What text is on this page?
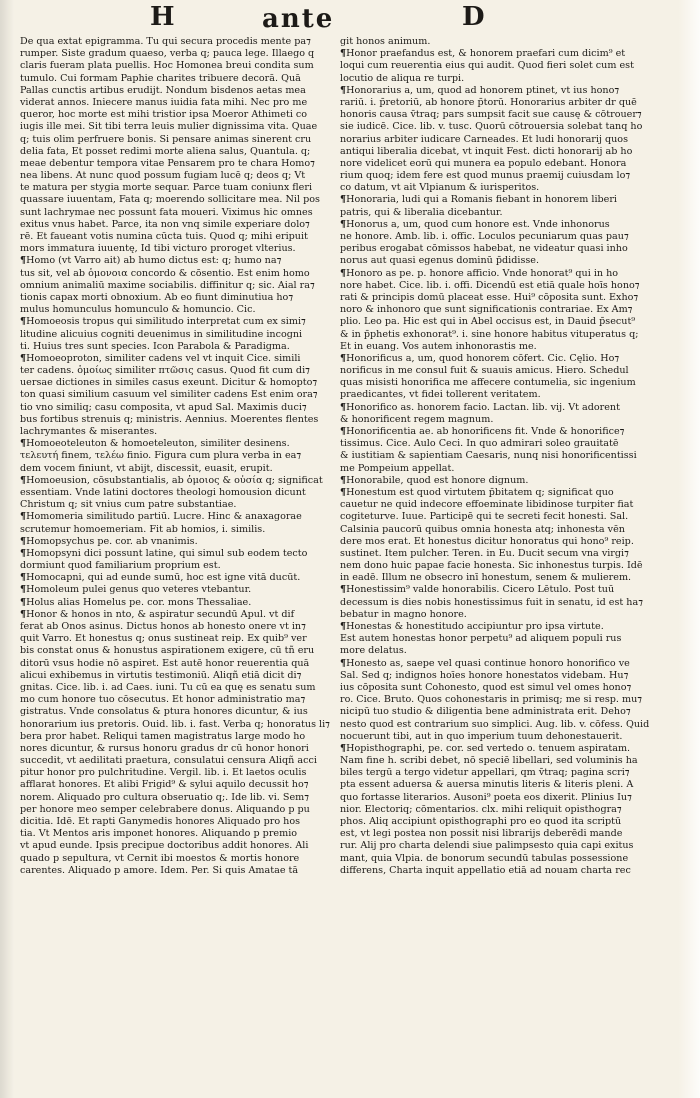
H	ante	D

De qua extat epigramma. Tu qui secura procedis mente pa⁊

rumper. Siste gradum quaeso, verba q; pauca lege. Illaego q

claris fueram plata puellis. Hoc Homonea breui condita sum

tumulo. Cui formam Paphie charites tribuere decorā. Quā

Pallas cunctis artibus erudijt. Nondum bisdenos aetas mea

viderat annos. Iniecere manus iuidia fata mihi. Nec pro me

queror, hoc morte est mihi tristior ipsa Moeror Athimeti co

iugis ille mei. Sit tibi terra leuis mulier dignissima vita. Quae

q; tuis olim perfruere bonis. Si pensare animas sinerent cru

delia fata, Et posset redimi morte aliena salus, Quantula. q;

meae debentur tempora vitae Pensarem pro te chara Homo⁊

nea libens. At nunc quod possum fugiam lucē q; deos q; Vt

te matura per stygia morte sequar. Parce tuam coniunx fleri

quassare iuuentam, Fata q; moerendo sollicitare mea. Nil pos

sunt lachrymae nec possunt fata moueri. Viximus hic omnes

exitus vnus habet. Parce, ita non vnq simile experiare dolo⁊

rē. Et faueant votis numina cūcta tuis. Quod q; mihi eripuit

mors immatura iuuentę, Id tibi victuro proroget vlterius.

¶Homo (vt Varro ait) ab humo dictus est: q; humo na⁊

tus sit, vel ab ὁμονοια concordo & cōsentio. Est enim homo

omnium animaliū maxime sociabilis. diffinitur q; sic. Aial ra⁊

tionis capax morti obnoxium. Ab eo fiunt diminutiua ho⁊

mulus homunculus homunculo & homuncio. Cic.

¶Homoeosis tropus qui similitudo interpretat cum ex simi⁊

litudine alicuius cogniti deuenimus in similitudine incogni

ti. Huius tres sunt species. Icon Parabola & Paradigma.

¶Homoeoproton, similiter cadens vel vt inquit Cice. simili

ter cadens. ὁμοίως similiter πτῶσις casus. Quod fit cum di⁊

uersae dictiones in similes casus exeunt. Dicitur & homopto⁊

ton quasi similium casuum vel similiter cadens Est enim ora⁊

tio vno similiq; casu composita, vt apud Sal. Maximis duci⁊

bus fortibus strenuis q; ministris. Aennius. Moerentes flentes

lachrymantes & miserantes.

¶Homoeoteleuton & homoeteleuton, similiter desinens.

τελευτή finem, τελέω finio. Figura cum plura verba in ea⁊

dem vocem finiunt, vt abijt, discessit, euasit, erupit.

¶Homoeusion, cōsubstantialis, ab ὁμοιος & οὐσία q; significat

essentiam. Vnde latini doctores theologi homousion dicunt

Christum q; sit vnius cum patre substantiae.

¶Homomeria similitudo partiū. Lucre. Hinc & anaxagorae

scrutemur homoemeriam. Fit ab homios, i. similis.

¶Homopsychus pe. cor. ab vnanimis.

¶Homopsyni dici possunt latine, qui simul sub eodem tecto

dormiunt quod familiarium proprium est.

¶Homocapni, qui ad eunde sumū, hoc est igne vitā ducūt.

¶Homoleum pulei genus quo veteres vtebantur.

¶Holus alias Homelus pe. cor. mons Thessaliae.

¶Honor & honos in nto, & aspiratur secundū Apul. vt dif

ferat ab Onos asinus. Dictus honos ab honesto onere vt in⁊

quit Varro. Et honestus q; onus sustineat reip. Ex quib⁹ ver

bis constat onus & honustus aspirationem exigere, cū tñ eru

ditorū vsus hodie nō aspiret. Est autē honor reuerentia quā

alicui exhibemus in virtutis testimoniū. Aliqñ etiā dicit di⁊

gnitas. Cice. lib. i. ad Caes. iuni. Tu cū ea quę es senatu sum

mo cum honore tuo cōsecutus. Et honor administratio ma⁊

gistratus. Vnde consolatus & ptura honores dicuntur, & ius

honorarium ius pretoris. Ouid. lib. i. fast. Verba q; honoratus li⁊

bera pror habet. Reliqui tamen magistratus large modo ho

nores dicuntur, & rursus honoru gradus dr cū honor honori

succedit, vt aedilitati praetura, consulatui censura Aliqñ acci

pitur honor pro pulchritudine. Vergil. lib. i. Et laetos oculis

afflarat honores. Et alibi Frigid⁹ & sylui aquilo decussit ho⁊

norem. Aliquado pro cultura obseruatio q;. Ide lib. vi. Sem⁊

per honore meo semper celebrabere donus. Aliquando p pu

dicitia. Idē. Et rapti Ganymedis honores Aliquado pro hos

tia. Vt Mentos aris imponet honores. Aliquando p premio

vt apud eunde. Ipsis precipue doctoribus addit honores. Ali

quado p sepultura, vt Cernit ibi moestos & mortis honore

carentes. Aliquado p amore. Idem. Per. Si quis Amatae tā

git honos animum.

¶Honor praefandus est, & honorem praefari cum dicim⁹ et

loqui cum reuerentia eius qui audit. Quod fieri solet cum est

locutio de aliqua re turpi.

¶Honorarius a, um, quod ad honorem ptinet, vt ius hono⁊

rariū. i. p̄retoriū, ab honore p̄torū. Honorarius arbiter dr quē

honoris causa v̄traq; pars sumpsit facit sue causę & cōtrouer⁊

sie iudicē. Cice. lib. v. tusc. Quorū cōtrouersia solebat tanq ho

norarius arbiter iudicare Carneades. Et ludi honorarij quos

antiqui liberalia dicebat, vt inquit Fest. dicti honorarij ab ho

nore videlicet eorū qui munera ea populo edebant. Honora

rium quoq; idem fere est quod munus praemij cuiusdam lo⁊

co datum, vt ait Vlpianum & iurisperitos.

¶Honoraria, ludi qui a Romanis fiebant in honorem liberi

patris, qui & liberalia dicebantur.

¶Honorus a, um, quod cum honore est. Vnde inhonorus

ne honore. Amb. lib. i. offic. Loculos pecuniarum quas pau⁊

peribus erogabat cōmissos habebat, ne videatur quasi inho

norus aut quasi egenus dominū p̄didisse.

¶Honoro as pe. p. honore afficio. Vnde honorat⁹ qui in ho

nore habet. Cice. lib. i. offi. Dicendū est etiā quale hoīs hono⁊

rati & principis domū placeat esse. Hui⁹ cōposita sunt. Exho⁊

noro & inhonoro que sunt significationis contrariae. Ex Am⁊

plio. Leo pa. Hic est qui in Abel occisus est, in Dauid p̄secut⁹

& in p̄phetis exhonorat⁹. i. sine honore habitus vituperatus q;

Et in euang. Vos autem inhonorastis me.

¶Honorificus a, um, quod honorem cōfert. Cic. Cęlio. Ho⁊

norificus in me consul fuit & suauis amicus. Hiero. Schedul

quas misisti honorifica me affecere contumelia, sic ingenium

praedicantes, vt fidei tollerent veritatem.

¶Honorifico as. honorem facio. Lactan. lib. vij. Vt adorent

& honorificent regem magnum.

¶Honorificentia ae. ab honorificens fit. Vnde & honorifice⁊

tissimus. Cice. Aulo Ceci. In quo admirari soleo grauitatē

& iustitiam & sapientiam Caesaris, nunq nisi honorificentissi

me Pompeium appellat.

¶Honorabile, quod est honore dignum.

¶Honestum est quod virtutem p̄bitatem q; significat quo

cauetur ne quid indecore effoeminate libidinose turpiter fiat

cogiteturve. Iuue. Participē qui te secreti fecit honesti. Sal.

Calsinia paucorū quibus omnia honesta atq; inhonesta vēn

dere mos erat. Et honestus dicitur honoratus qui hono⁹ reip.

sustinet. Item pulcher. Teren. in Eu. Ducit secum vna virgi⁊

nem dono huic papae facie honesta. Sic inhonestus turpis. Idē

in eadē. Illum ne obsecro inī honestum, senem & mulierem.

¶Honestissim⁹ valde honorabilis. Cicero Lētulo. Post tuū

decessum is dies nobis honestissimus fuit in senatu, id est ha⁊

bebatur in magno honore.

¶Honestas & honestitudo accipiuntur pro ipsa virtute.

Est autem honestas honor perpetu⁹ ad aliquem populi rus

more delatus.

¶Honesto as, saepe vel quasi continue honoro honorifico ve

Sal. Sed q; indignos hoīes honore honestatos videbam. Hu⁊

ius cōposita sunt Cohonesto, quod est simul vel omes hono⁊

ro. Cice. Bruto. Quos cohonestaris in primisq; me si resp. mu⁊

nicipū tuo studio & diligentia bene administrata erit. Deho⁊

nesto quod est contrarium suo simplici. Aug. lib. v. cōfess. Quid

nocuerunt tibi, aut in quo imperium tuum dehonestauerit.

¶Hopisthographi, pe. cor. sed vertedo o. tenuem aspiratam.

Nam fine h. scribi debet, nō speciē libellari, sed voluminis ha

biles tergū a tergo videtur appellari, qm v̄traq; pagina scri⁊

pta essent aduersa & auersa minutis literis & literis pleni. A

quo fortasse literarios. Ausoni⁹ poeta eos dixerit. Plinius Iu⁊

nior. Electoriq; cōmentarios. clx. mihi reliquit opisthogra⁊

phos. Aliq accipiunt opisthographi pro eo quod ita scriptū

est, vt legi postea non possit nisi librarijs deberēdi mande

rur. Alij pro charta delendi siue palimpsesto quia capi exitus

mant, quia Vlpia. de bonorum secundū tabulas possessione

differens, Charta inquit appellatio etiā ad nouam charta rec
